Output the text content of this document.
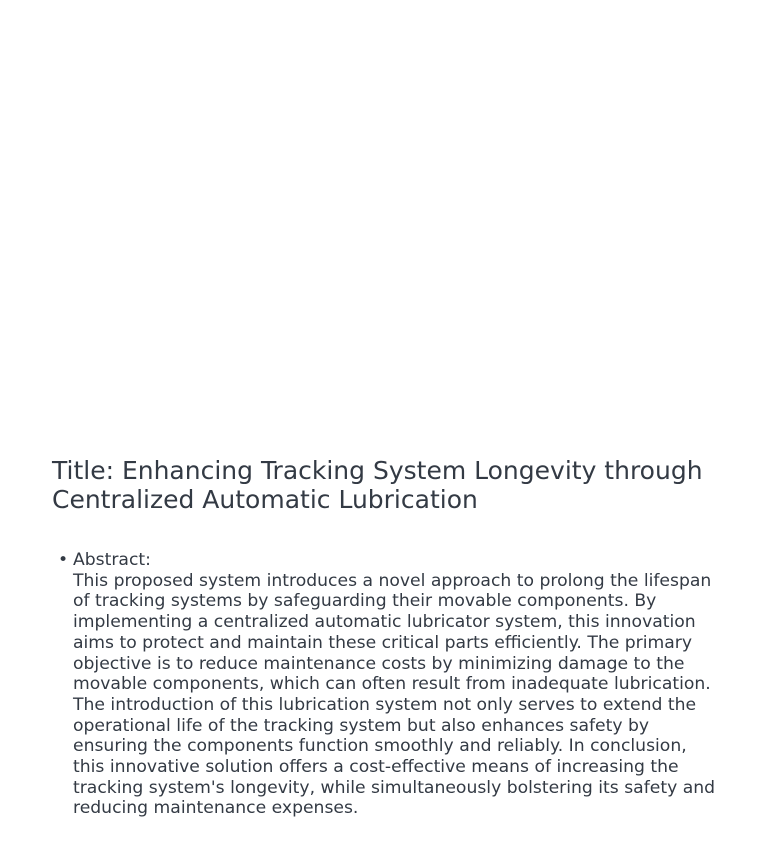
Title: Enhancing Tracking System Longevity through Centralized Automatic Lubrication
• Abstract:
This proposed system introduces a novel approach to prolong the lifespan of tracking systems by safeguarding their movable components. By implementing a centralized automatic lubricator system, this innovation aims to protect and maintain these critical parts efficiently. The primary objective is to reduce maintenance costs by minimizing damage to the movable components, which can often result from inadequate lubrication. The introduction of this lubrication system not only serves to extend the operational life of the tracking system but also enhances safety by ensuring the components function smoothly and reliably. In conclusion, this innovative solution offers a cost-effective means of increasing the tracking system's longevity, while simultaneously bolstering its safety and reducing maintenance expenses.
